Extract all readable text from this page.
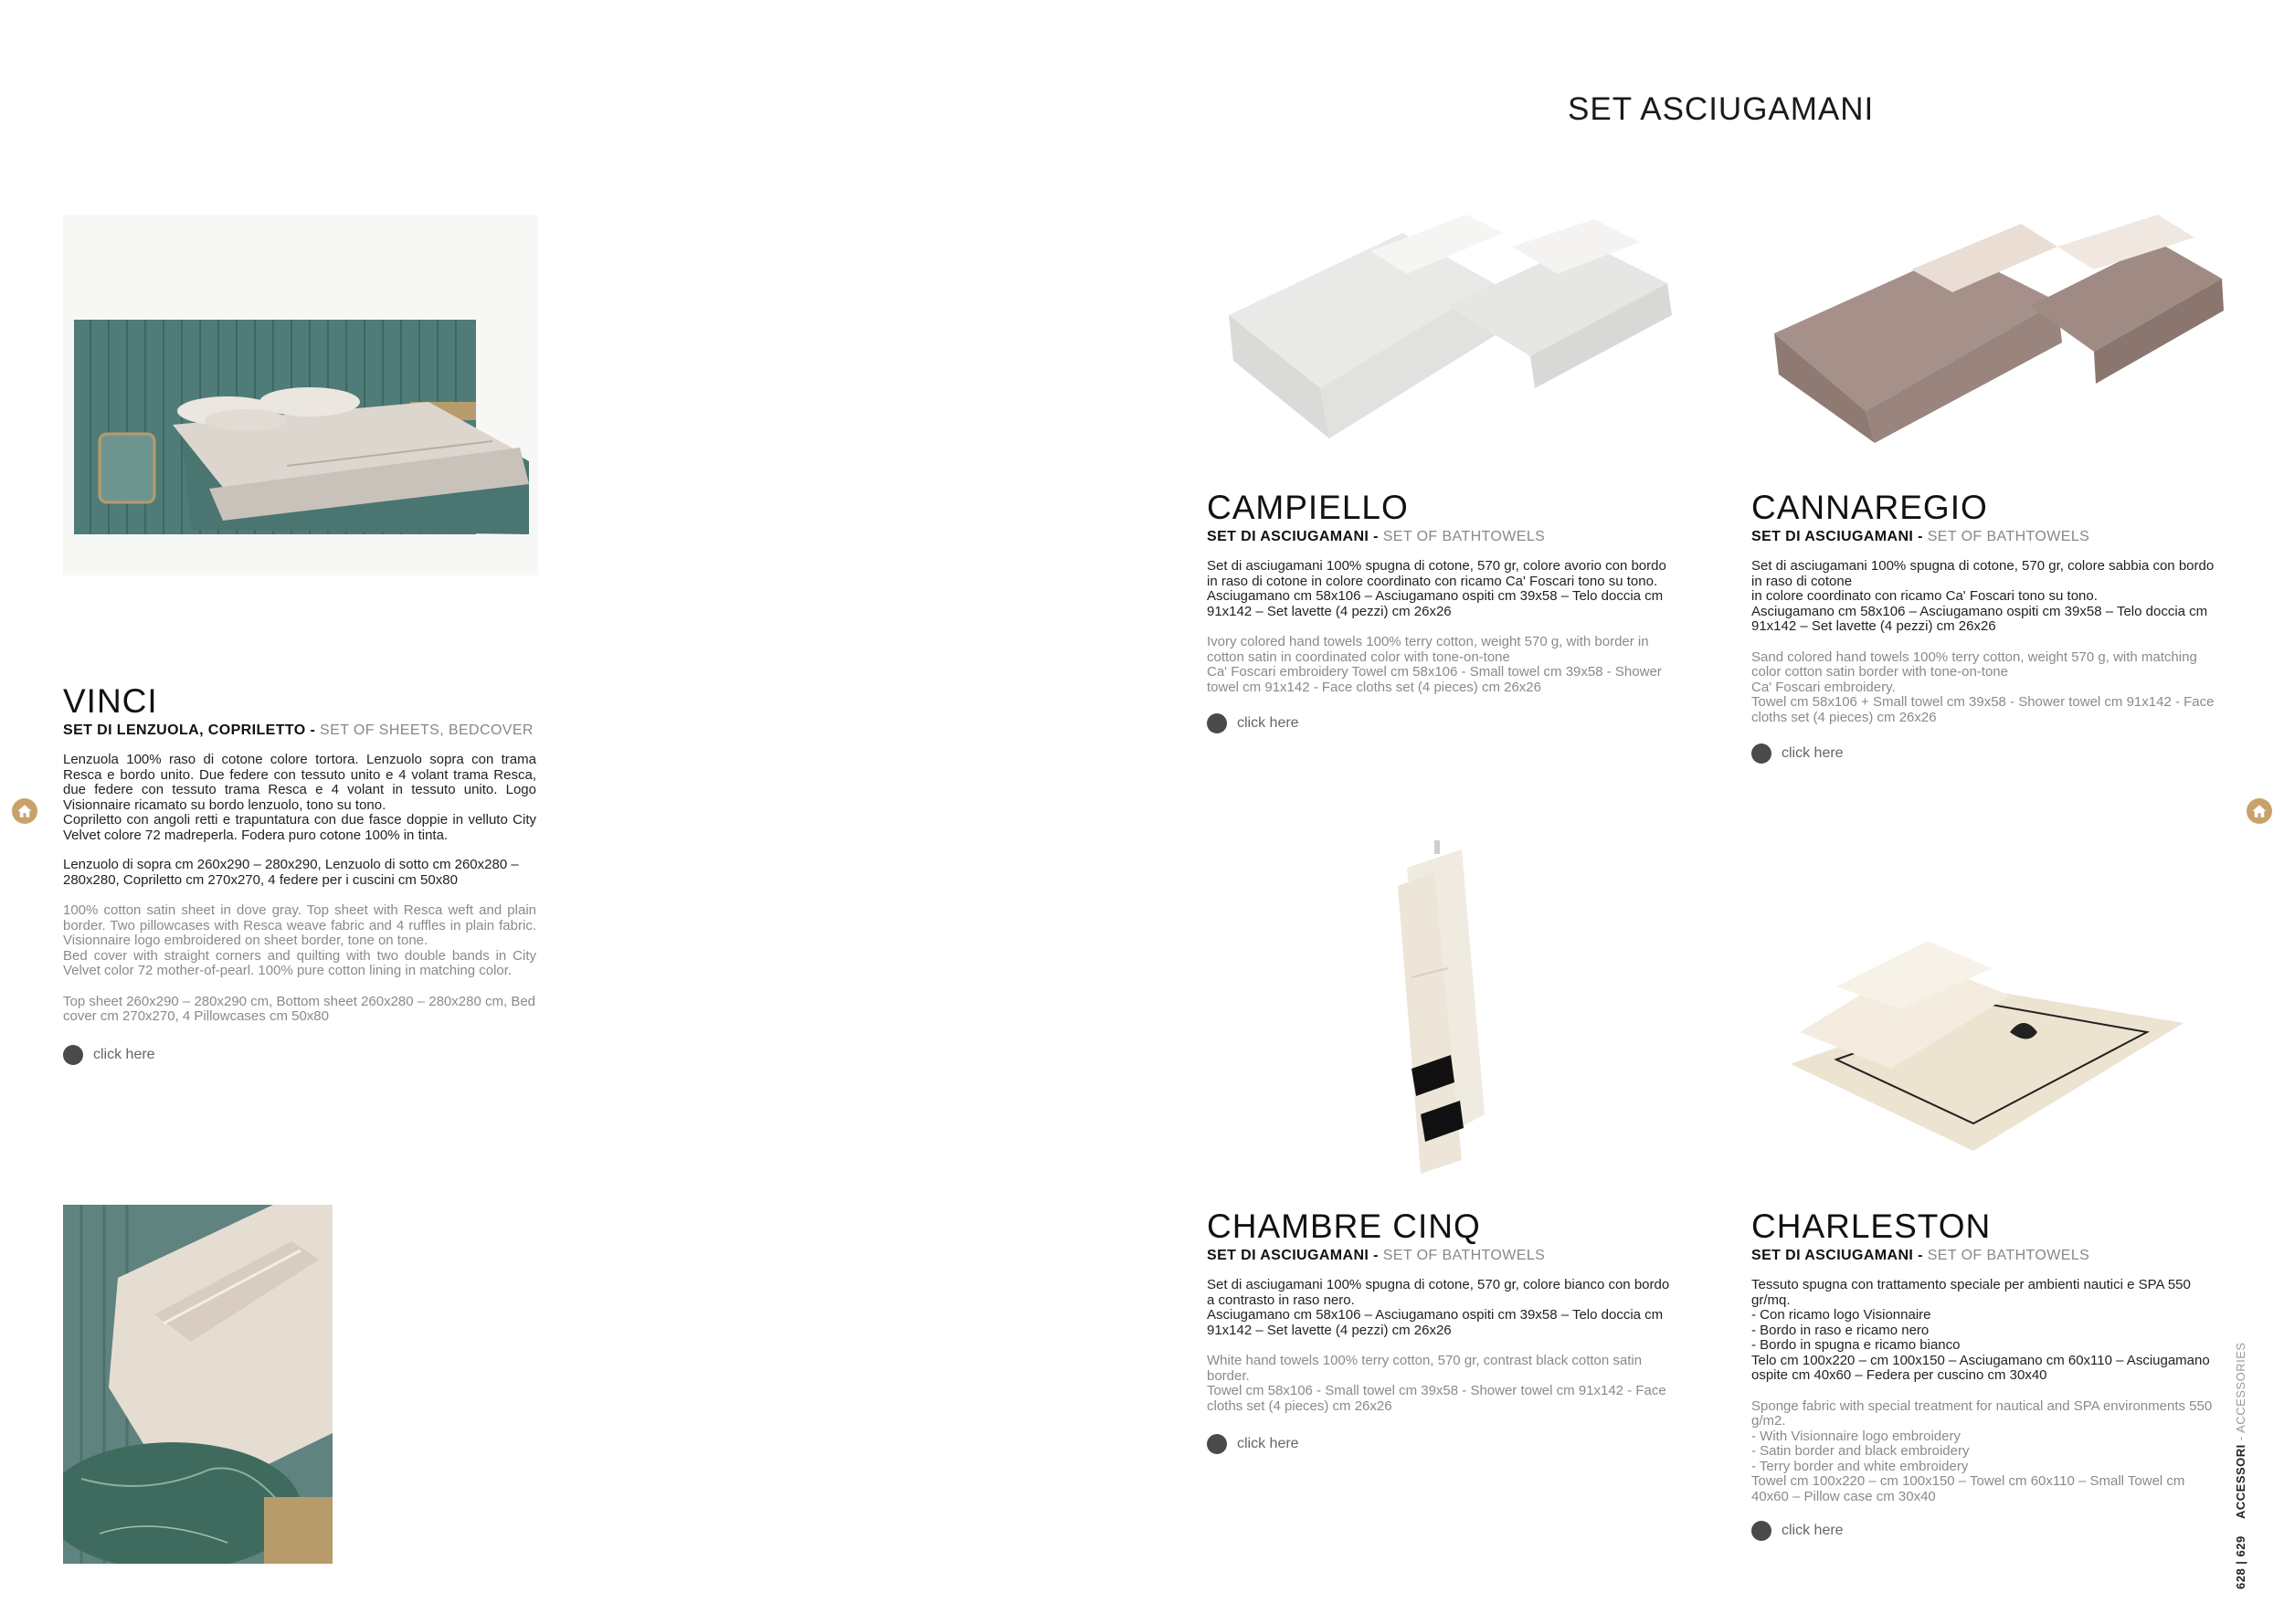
SET ASCIUGAMANI
VINCI
SET DI LENZUOLA, COPRILETTO - SET OF SHEETS, BEDCOVER
Lenzuola 100% raso di cotone colore tortora. Lenzuolo sopra con trama Resca e bordo unito. Due federe con tessuto unito e 4 volant trama Resca, due federe con tessuto trama Resca e 4 volant in tessuto unito. Logo Visionnaire ricamato su bordo lenzuolo, tono su tono.
Copriletto con angoli retti e trapuntatura con due fasce doppie in velluto City Velvet colore 72 madreperla. Fodera puro cotone 100% in tinta.
Lenzuolo di sopra cm 260x290 – 280x290, Lenzuolo di sotto cm 260x280 – 280x280, Copriletto cm 270x270, 4 federe per i cuscini cm 50x80
100% cotton satin sheet in dove gray. Top sheet with Resca weft and plain border. Two pillowcases with Resca weave fabric and 4 ruffles in plain fabric. Visionnaire logo embroidered on sheet border, tone on tone.
Bed cover with straight corners and quilting with two double bands in City Velvet color 72 mother-of-pearl. 100% pure cotton lining in matching color.
Top sheet 260x290 – 280x290 cm, Bottom sheet 260x280 – 280x280 cm, Bed cover cm 270x270, 4 Pillowcases cm 50x80
click here
CAMPIELLO
SET DI ASCIUGAMANI - SET OF BATHTOWELS
Set di asciugamani 100% spugna di cotone, 570 gr, colore avorio con bordo in raso di cotone in colore coordinato con ricamo Ca' Foscari tono su tono.
Asciugamano cm 58x106 – Asciugamano ospiti cm 39x58 – Telo doccia cm 91x142 – Set lavette (4 pezzi) cm 26x26
Ivory colored hand towels 100% terry cotton, weight 570 g, with border in cotton satin in coordinated color with tone-on-tone
Ca' Foscari embroidery Towel cm 58x106 - Small towel cm 39x58 - Shower towel cm 91x142 - Face cloths set (4 pieces) cm 26x26
click here
CANNAREGIO
SET DI ASCIUGAMANI - SET OF BATHTOWELS
Set di asciugamani 100% spugna di cotone, 570 gr, colore sabbia con bordo in raso di cotone
in colore coordinato con ricamo Ca' Foscari tono su tono.
Asciugamano cm 58x106 – Asciugamano ospiti cm 39x58 – Telo doccia cm 91x142 – Set lavette (4 pezzi) cm 26x26
Sand colored hand towels 100% terry cotton, weight 570 g, with matching color cotton satin border with tone-on-tone
Ca' Foscari embroidery.
Towel cm 58x106 + Small towel cm 39x58 - Shower towel cm 91x142 - Face cloths set (4 pieces) cm 26x26
click here
CHAMBRE CINQ
SET DI ASCIUGAMANI - SET OF BATHTOWELS
Set di asciugamani 100% spugna di cotone, 570 gr, colore bianco con bordo a contrasto in raso nero.
Asciugamano cm 58x106 – Asciugamano ospiti cm 39x58 – Telo doccia cm 91x142 – Set lavette (4 pezzi) cm 26x26
White hand towels 100% terry cotton, 570 gr, contrast black cotton satin border.
Towel cm 58x106 - Small towel cm 39x58 - Shower towel cm 91x142 - Face cloths set (4 pieces) cm 26x26
click here
CHARLESTON
SET DI ASCIUGAMANI - SET OF BATHTOWELS
Tessuto spugna con trattamento speciale per ambienti nautici e SPA 550 gr/mq.
- Con ricamo logo Visionnaire
- Bordo in raso e ricamo nero
- Bordo in spugna e ricamo bianco
Telo cm 100x220 – cm 100x150 – Asciugamano cm 60x110 – Asciugamano ospite cm 40x60 – Federa per cuscino cm 30x40
Sponge fabric with special treatment for nautical and SPA environments 550 g/m2.
- With Visionnaire logo embroidery
- Satin border and black embroidery
- Terry border and white embroidery
Towel cm 100x220 – cm 100x150 – Towel cm 60x110 – Small Towel cm 40x60 – Pillow case cm 30x40
click here
628 | 629  ACCESSORI - ACCESSORIES
